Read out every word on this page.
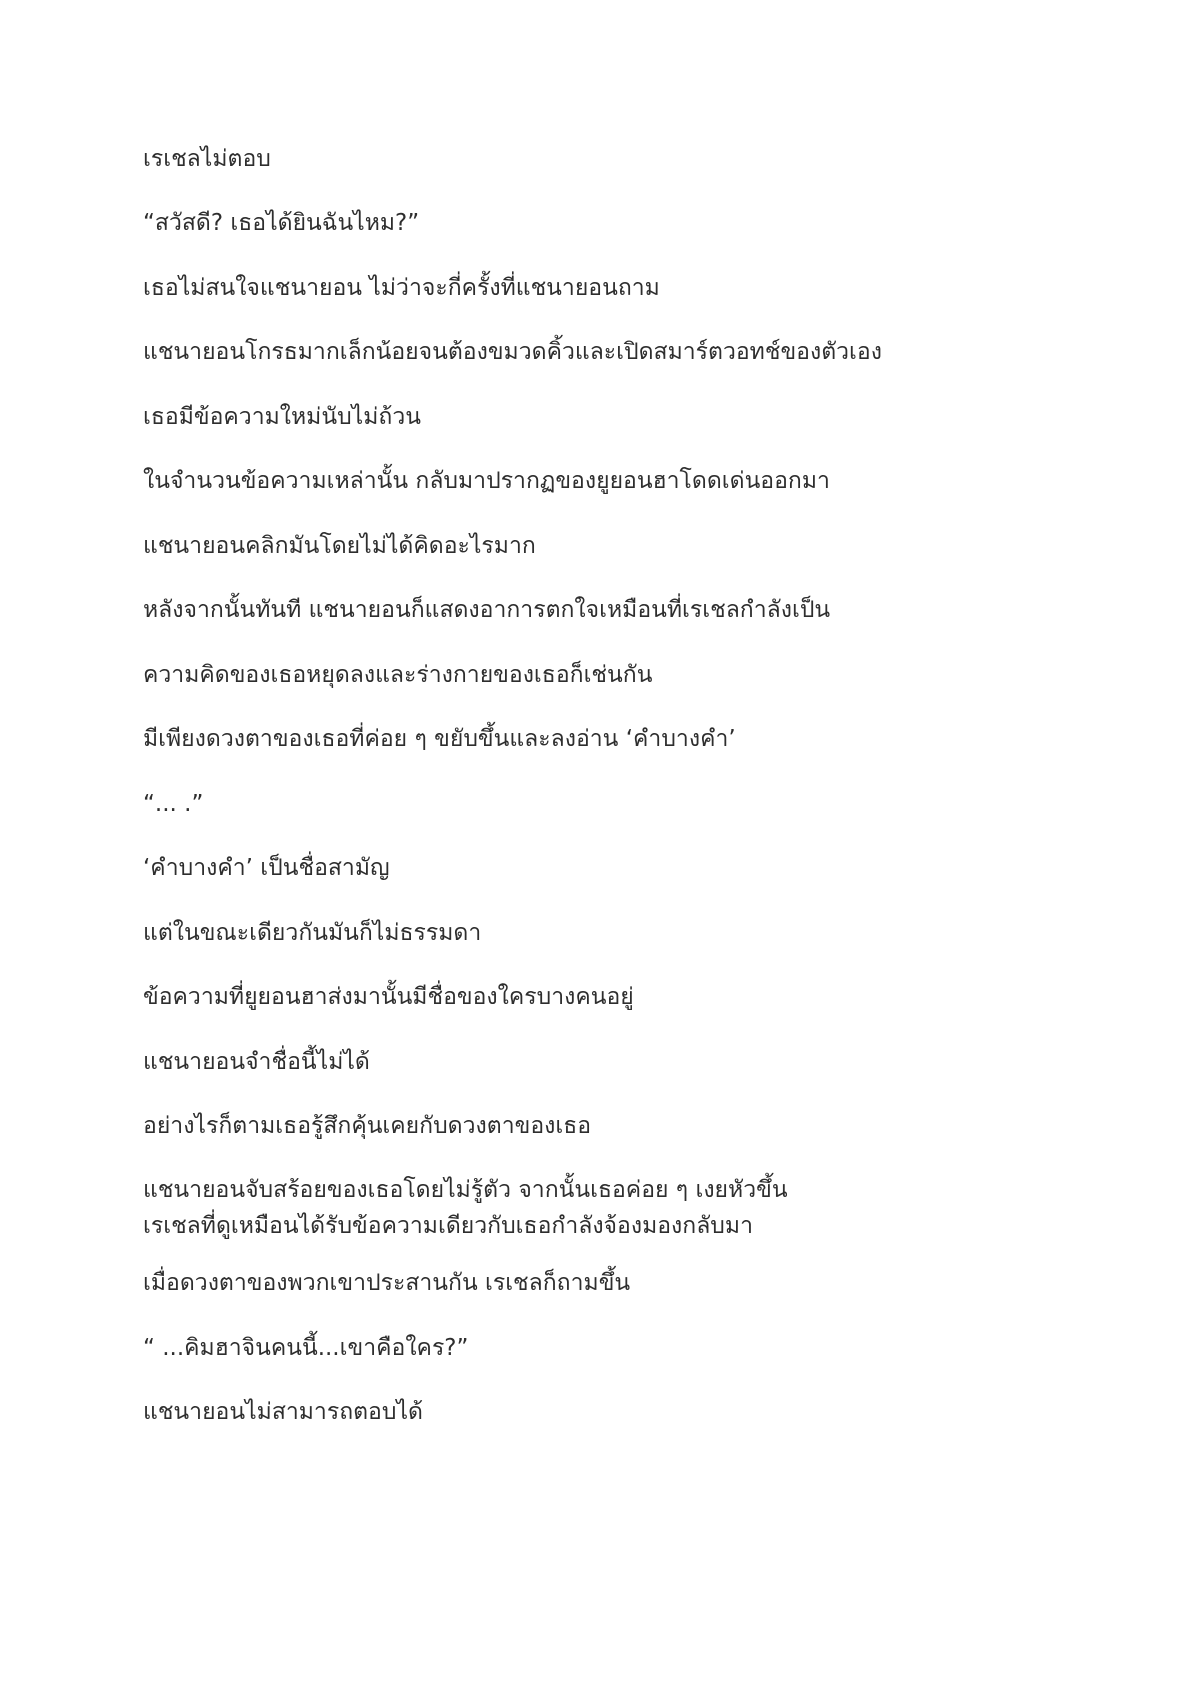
เรเชลไม่ตอบ
“สวัสดี? เธอได้ยินฉันไหม?”
เธอไม่สนใจแชนายอน ไม่ว่าจะกี่ครั้งที่แชนายอนถาม
แชนายอนโกรธมากเล็กน้อยจนต้องขมวดคิ้วและเปิดสมาร์ตวอทช์ของตัวเอง
เธอมีข้อความใหม่นับไม่ถ้วน
ในจำนวนข้อความเหล่านั้น กลับมาปรากฏของยูยอนฮาโดดเด่นออกมา
แชนายอนคลิกมันโดยไม่ได้คิดอะไรมาก
หลังจากนั้นทันที แชนายอนก็แสดงอาการตกใจเหมือนที่เรเชลกำลังเป็น
ความคิดของเธอหยุดลงและร่างกายของเธอก็เช่นกัน
มีเพียงดวงตาของเธอที่ค่อย ๆ ขยับขึ้นและลงอ่าน ‘คำบางคำ’
“... .”
‘คำบางคำ’ เป็นชื่อสามัญ
แต่ในขณะเดียวกันมันก็ไม่ธรรมดา
ข้อความที่ยูยอนฮาส่งมานั้นมีชื่อของใครบางคนอยู่
แชนายอนจำชื่อนี้ไม่ได้
อย่างไรก็ตามเธอรู้สึกคุ้นเคยกับดวงตาของเธอ
แชนายอนจับสร้อยของเธอโดยไม่รู้ตัว จากนั้นเธอค่อย ๆ เงยหัวขึ้น
เรเชลที่ดูเหมือนได้รับข้อความเดียวกับเธอกำลังจ้องมองกลับมา
เมื่อดวงตาของพวกเขาประสานกัน เรเชลก็ถามขึ้น
“ ...คิมฮาจินคนนี้...เขาคือใคร?”
แชนายอนไม่สามารถตอบได้
